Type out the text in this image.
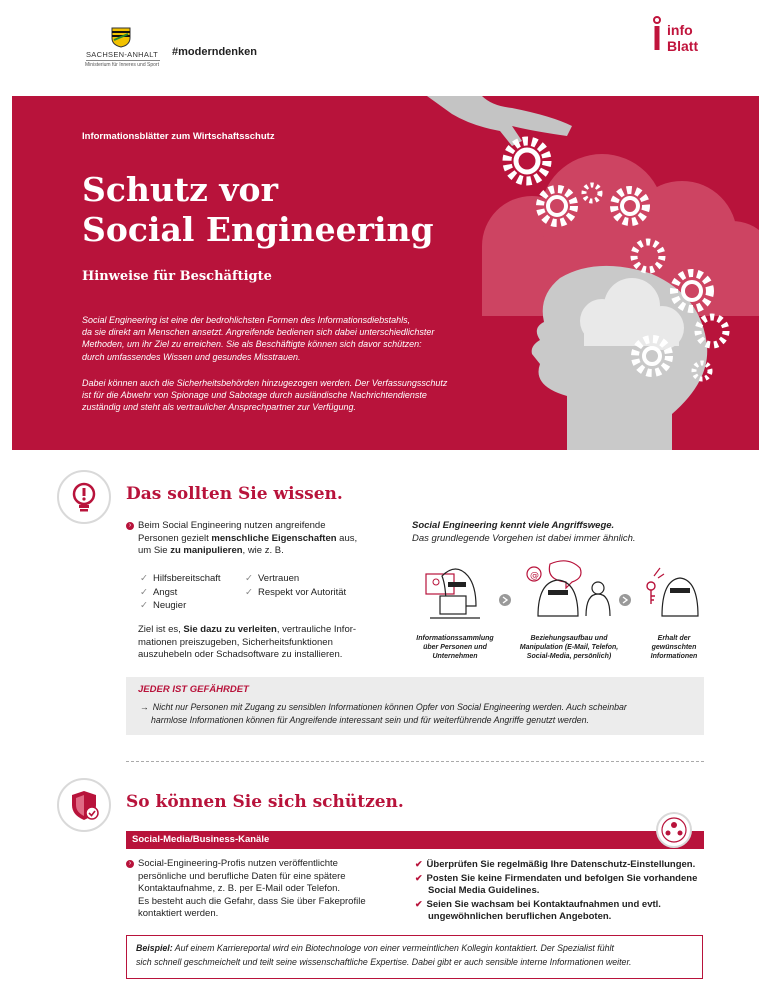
SACHSEN-ANHALT
Ministerium für Inneres und Sport
#moderndenken
info
Blatt
Informationsblätter zum Wirtschaftsschutz
Schutz vor
Social Engineering
Hinweise für Beschäftigte
Social Engineering ist eine der bedrohlichsten Formen des Informationsdiebstahls,
da sie direkt am Menschen ansetzt. Angreifende bedienen sich dabei unterschiedlichster
Methoden, um ihr Ziel zu erreichen. Sie als Beschäftigte können sich davor schützen:
durch umfassendes Wissen und gesundes Misstrauen.
Dabei können auch die Sicherheitsbehörden hinzugezogen werden. Der Verfassungsschutz
ist für die Abwehr von Spionage und Sabotage durch ausländische Nachrichtendienste
zuständig und steht als vertraulicher Ansprechpartner zur Verfügung.
Das sollten Sie wissen.
› Beim Social Engineering nutzen angreifende
Personen gezielt menschliche Eigenschaften aus,
um Sie zu manipulieren, wie z. B.
✓ Hilfsbereitschaft
✓ Angst
✓ Neugier
✓ Vertrauen
✓ Respekt vor Autorität
Ziel ist es, Sie dazu zu verleiten, vertrauliche Infor-
mationen preiszugeben, Sicherheitsfunktionen
auszuhebeln oder Schadsoftware zu installieren.
Social Engineering kennt viele Angriffswege.
Das grundlegende Vorgehen ist dabei immer ähnlich.
@
Informationssammlung
über Personen und
Unternehmen
Beziehungsaufbau und
Manipulation (E-Mail, Telefon,
Social-Media, persönlich)
Erhalt der
gewünschten
Informationen
JEDER IST GEFÄHRDET
→ Nicht nur Personen mit Zugang zu sensiblen Informationen können Opfer von Social Engineering werden. Auch scheinbar
harmlose Informationen können für Angreifende interessant sein und für weiterführende Angriffe genutzt werden.
So können Sie sich schützen.
Social-Media/Business-Kanäle
› Social-Engineering-Profis nutzen veröffentlichte
persönliche und berufliche Daten für eine spätere
Kontaktaufnahme, z. B. per E-Mail oder Telefon.
Es besteht auch die Gefahr, dass Sie über Fakeprofile
kontaktiert werden.
✔ Überprüfen Sie regelmäßig Ihre Datenschutz-Einstellungen.
✔ Posten Sie keine Firmendaten und befolgen Sie vorhandene
Social Media Guidelines.
✔ Seien Sie wachsam bei Kontaktaufnahmen und evtl.
ungewöhnlichen beruflichen Angeboten.
Beispiel: Auf einem Karriereportal wird ein Biotechnologe von einer vermeintlichen Kollegin kontaktiert. Der Spezialist fühlt
sich schnell geschmeichelt und teilt seine wissenschaftliche Expertise. Dabei gibt er auch sensible interne Informationen weiter.
